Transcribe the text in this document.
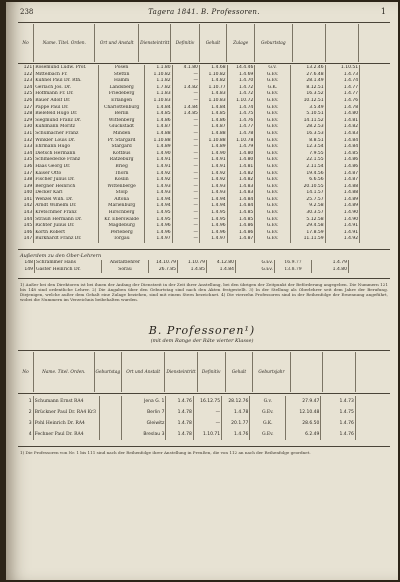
238	Tagera 1841. B. Professoren.	1
No	Name. Titel. Orden.	Ort und Anstalt	Diensteintritt	Definitiv	Gehalt	Zulage	Geburtstag			
121	Rosemund Ludw. Prof.	Posen	1.1.80	4.1.80	1.4.68	14.4.46	G.v.	13.2.46	1.10.51	
122	Mittelbach Fr.	Stettin	1.10.82	—	1.10.82	1.4.69	G.Ev.	27.6.48	1.4.73	
123	Kühnel Paul Dr. Rth.	Hamm	1.1.82	—	1.4.82	1.4.70	G.Ev.	28.1.49	1.4.74	
124	Gerlach Jos. Dr.	Landsberg	1.7.82	1.4.82	1.10.77	1.4.72	G.K.	8.12.51	1.4.77	
125	Hoffmann Fr. Dr.	Friedeberg	1.1.83	—	1.4.83	1.4.72	G.Ev.	16.3.52	1.4.77	
126	Bauer Adolf Dr.	Erlangen	1.10.83	—	1.10.83	1.10.72	G.Ev.	10.12.51	1.4.76	
127	Pappe Paul Dr.	Charlottenburg	1.4.84	1.4.84	1.4.84	1.4.74	G.Ev.	3.5.49	1.4.78	
128	Bielefeld Hugo Dr.	Berlin	1.4.85	1.4.85	1.4.85	1.4.75	G.Ev.	5.10.51	1.4.80	
129	Siegmund Franz Dr.	Wittenberg	1.4.86	—	1.4.86	1.4.76	G.Ev.	14.11.52	1.4.81	
130	Kuhlmann Moritz	Glückstadt	1.4.87	—	1.4.87	1.4.77	G.Ev.	28.2.53	1.4.82	
131	Schumacher Franz	Minden	1.4.88	—	1.4.88	1.4.78	G.Ev.	16.3.53	1.4.83	
132	Winkler Louis Dr.	Pr. Stargard	1.10.88	—	1.10.88	1.10.78	G.Ev.	8.8.51	1.4.84	
133	Ehrmann Hugo	Stargard	1.4.89	—	1.4.89	1.4.79	G.Ev.	12.3.54	1.4.84	
134	Dietsch Hermann	Kottbus	1.4.90	—	1.4.90	1.4.80	G.Ev.	7.9.55	1.4.85	
135	Schmiedecke Franz	Ratzeburg	1.4.91	—	1.4.91	1.4.80	G.Ev.	22.1.55	1.4.86	
136	Haas Georg Dr.	Brieg	1.4.91	—	1.4.91	1.4.81	G.Ev.	2.11.54	1.4.86	
137	Kaiser Otto	Thorn	1.4.92	—	1.4.92	1.4.82	G.Ev.	19.4.56	1.4.87	
138	Fischer Julius Dr.	Köslin	1.4.92	—	1.4.92	1.4.82	G.Ev.	6.6.56	1.4.87	
139	Bergner Heinrich	Wittenberge	1.4.93	—	1.4.93	1.4.83	G.Ev.	20.10.55	1.4.88	
140	Decker Karl	Stolp	1.4.93	—	1.4.93	1.4.83	G.Ev.	14.1.57	1.4.88	
141	Wenzel Wilh. Dr.	Altona	1.4.94	—	1.4.94	1.4.84	G.Ev.	25.7.57	1.4.89	
142	Arndt Wilhelm Dr.	Marienburg	1.4.94	—	1.4.94	1.4.84	G.Ev.	9.2.58	1.4.89	
143	Kretschmer Franz	Hirschberg	1.4.95	—	1.4.95	1.4.85	G.Ev.	30.3.57	1.4.90	
144	Strauß Hermann Dr.	Kr. Eberswalde	1.4.95	—	1.4.95	1.4.85	G.Ev.	5.12.58	1.4.90	
145	Richter Julius Dr.	Magdeburg	1.4.96	—	1.4.96	1.4.86	G.Ev.	29.4.58	1.4.91	
146	Körth Robert	Perleberg	1.4.96	—	1.4.96	1.4.86	G.Ev.	17.8.59	1.4.91	
147	Burkhardt Franz Dr.	Torgau	1.4.97	—	1.4.97	1.4.87	G.Ev.	11.11.59	1.4.92	
Außerdem zu den Ober-Lehrern
148	Schrammer Hans	Anstaltlehrer	14.10.79	1.10.79	4.12.80	G.Ev.	16.9.77	1.4.79	
149	Gaster Heinrich Dr.	Sorau	26.7.85	1.4.85	1.4.84	G.Ev.	13.8.79	1.4.80	
1) Außer bei den Direktoren ist bei ihnen der Anfang der Dienstzeit in der Zeit ihrer Anstellung, bei den übrigen der Zeitpunkt der Beförderung angegeben. Die Nummern 121 bis 148 sind ordentliche Lehrer. 2) Die Angaben über den Geburtstag sind nach den Akten festgestellt. 3) In der Stellung als Oberlehrer seit dem Jahre der Berufung. Diejenigen, welche außer dem Gehalt eine Zulage beziehen, sind mit einem Stern bezeichnet. 4) Die vierzehn Professoren sind in der Reihenfolge der Ernennung angeführt, wobei die Nummern im Verzeichnis beibehalten wurden.
B. Professoren¹)
(mit dem Range der Räte vierter Klasse)
No	Name. Titel. Orden.	Geburtstag	Ort und Anstalt	Diensteintritt	Definitiv	Gehalt	Geburtsjahr			
1	Schumann Ernst RA4		Jena G. 1	1.4.76	16.12.75	28.12.76	G.v.	27.9.47	1.4.73	
2	Brückner Paul Dr. RA4 Kr3		Berlin 7	1.4.78	—	1.4.78	G.Ev.	12.10.48	1.4.75	
3	Pohl Heinrich Dr. RA4		Gleiwitz	1.4.78	—	20.1.77	G.K.	28.6.50	1.4.76	
4	Fechner Paul Dr. RA4		Breslau 3	1.4.78	1.10.71	1.4.76	G.Ev.	6.2.49	1.4.76	
1) Die Professoren von Nr. 1 bis 111 sind nach der Reihenfolge ihrer Anstellung in Preußen, die von 112 an nach der Reihenfolge geordnet.
